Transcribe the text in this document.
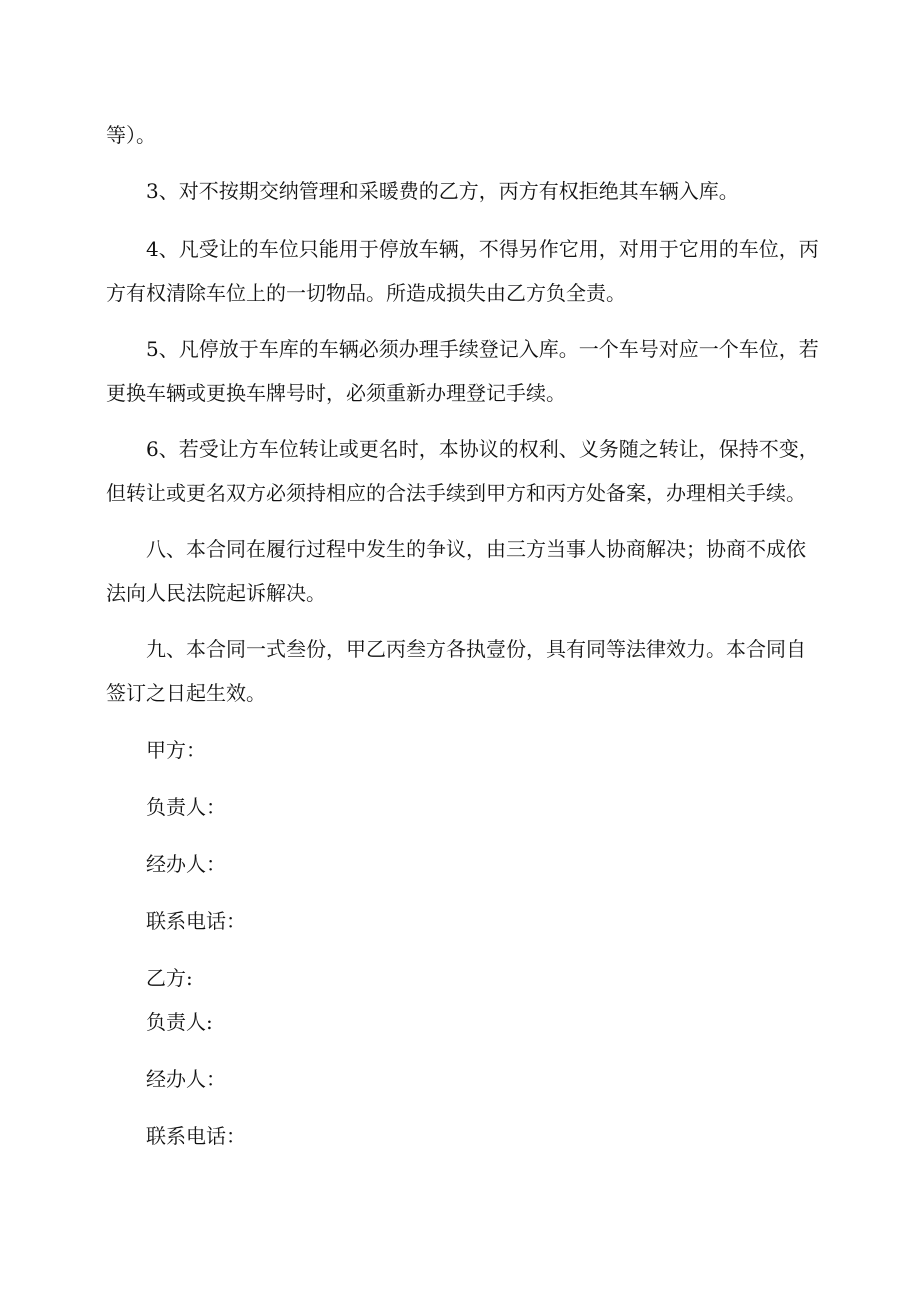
等）。
3、对不按期交纳管理和采暖费的乙方，丙方有权拒绝其车辆入库。
4、凡受让的车位只能用于停放车辆，不得另作它用，对用于它用的车位，丙
方有权清除车位上的一切物品。所造成损失由乙方负全责。
5、凡停放于车库的车辆必须办理手续登记入库。一个车号对应一个车位，若
更换车辆或更换车牌号时，必须重新办理登记手续。
6、若受让方车位转让或更名时，本协议的权利、义务随之转让，保持不变，
但转让或更名双方必须持相应的合法手续到甲方和丙方处备案，办理相关手续。
八、本合同在履行过程中发生的争议，由三方当事人协商解决；协商不成依
法向人民法院起诉解决。
九、本合同一式叁份，甲乙丙叁方各执壹份，具有同等法律效力。本合同自
签订之日起生效。
甲方：
负责人：
经办人：
联系电话：
乙方:
负责人:
经办人：
联系电话：
